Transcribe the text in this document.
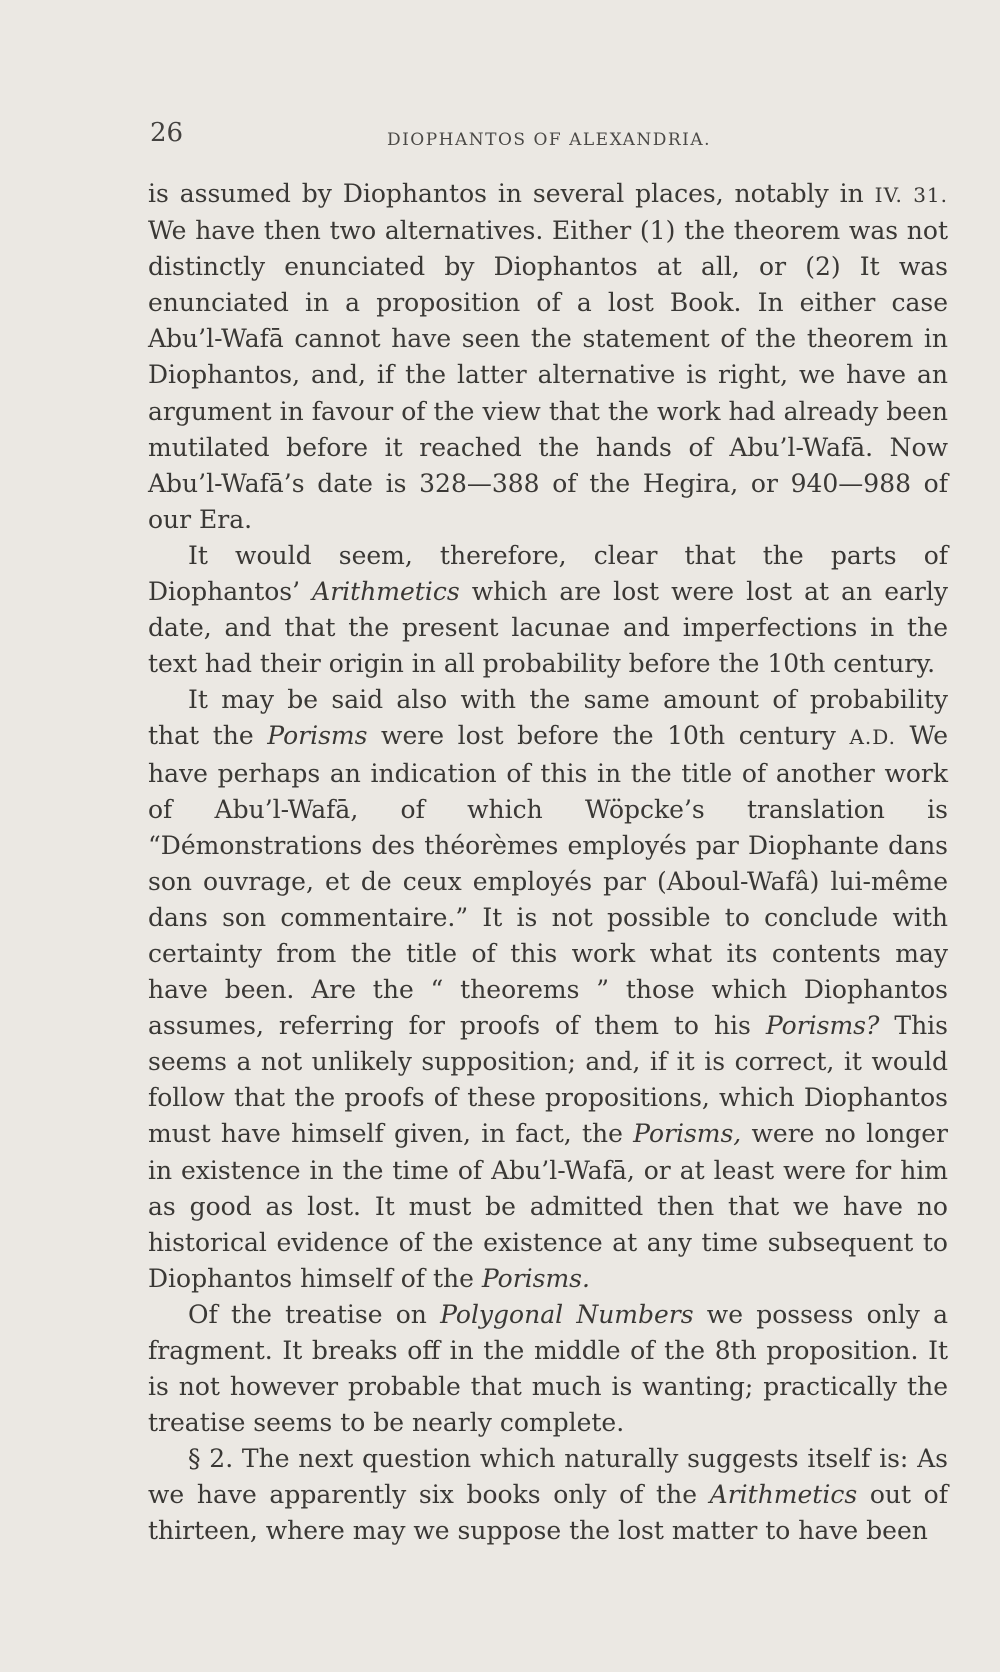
26	DIOPHANTOS OF ALEXANDRIA.

is assumed by Diophantos in several places, notably in IV. 31. We have then two alternatives. Either (1) the theorem was not distinctly enunciated by Diophantos at all, or (2) It was enunciated in a proposition of a lost Book. In either case Abu’l-Wafā cannot have seen the statement of the theorem in Diophantos, and, if the latter alternative is right, we have an argument in favour of the view that the work had already been mutilated before it reached the hands of Abu’l-Wafā. Now Abu’l-Wafā’s date is 328—388 of the Hegira, or 940—988 of our Era.

It would seem, therefore, clear that the parts of Diophantos’ Arithmetics which are lost were lost at an early date, and that the present lacunae and imperfections in the text had their origin in all probability before the 10th century.

It may be said also with the same amount of probability that the Porisms were lost before the 10th century A.D. We have perhaps an indication of this in the title of another work of Abu’l-Wafā, of which Wöpcke’s translation is “Démonstrations des théorèmes employés par Diophante dans son ouvrage, et de ceux employés par (Aboul-Wafâ) lui-même dans son commentaire.” It is not possible to conclude with certainty from the title of this work what its contents may have been. Are the “ theorems ” those which Diophantos assumes, referring for proofs of them to his Porisms? This seems a not unlikely supposition; and, if it is correct, it would follow that the proofs of these propositions, which Diophantos must have himself given, in fact, the Porisms, were no longer in existence in the time of Abu’l-Wafā, or at least were for him as good as lost. It must be admitted then that we have no historical evidence of the existence at any time subsequent to Diophantos himself of the Porisms.

Of the treatise on Polygonal Numbers we possess only a fragment. It breaks off in the middle of the 8th proposition. It is not however probable that much is wanting; practically the treatise seems to be nearly complete.

§ 2. The next question which naturally suggests itself is: As we have apparently six books only of the Arithmetics out of thirteen, where may we suppose the lost matter to have been
